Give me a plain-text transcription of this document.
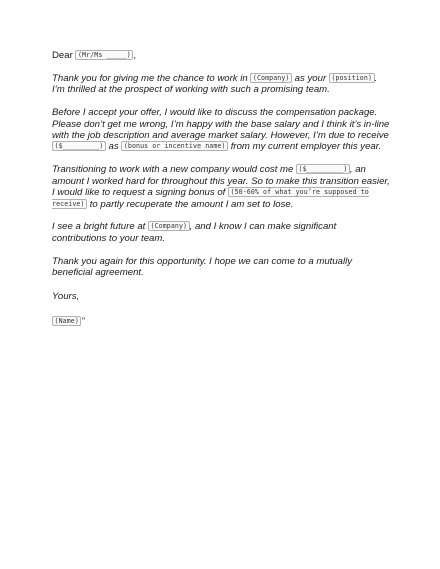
Dear (Mr/Ms _____) ,

Thank you for giving me the chance to work in (Company) as your (position) . I’m thrilled at the prospect of working with such a promising team.

Before I accept your offer, I would like to discuss the compensation package. Please don’t get me wrong, I’m happy with the base salary and I think it’s in-line with the job description and average market salary. However, I’m due to receive ($_________) as (bonus or incentive name) from my current employer this year.

Transitioning to work with a new company would cost me ($_________) , an amount I worked hard for throughout this year. So to make this transition easier, I would like to request a signing bonus of (50-60% of what you’re supposed to receive) to partly recuperate the amount I am set to lose.

I see a bright future at (Company) , and I know I can make significant contributions to your team.

Thank you again for this opportunity. I hope we can come to a mutually beneficial agreement.

Yours,

(Name) ”
